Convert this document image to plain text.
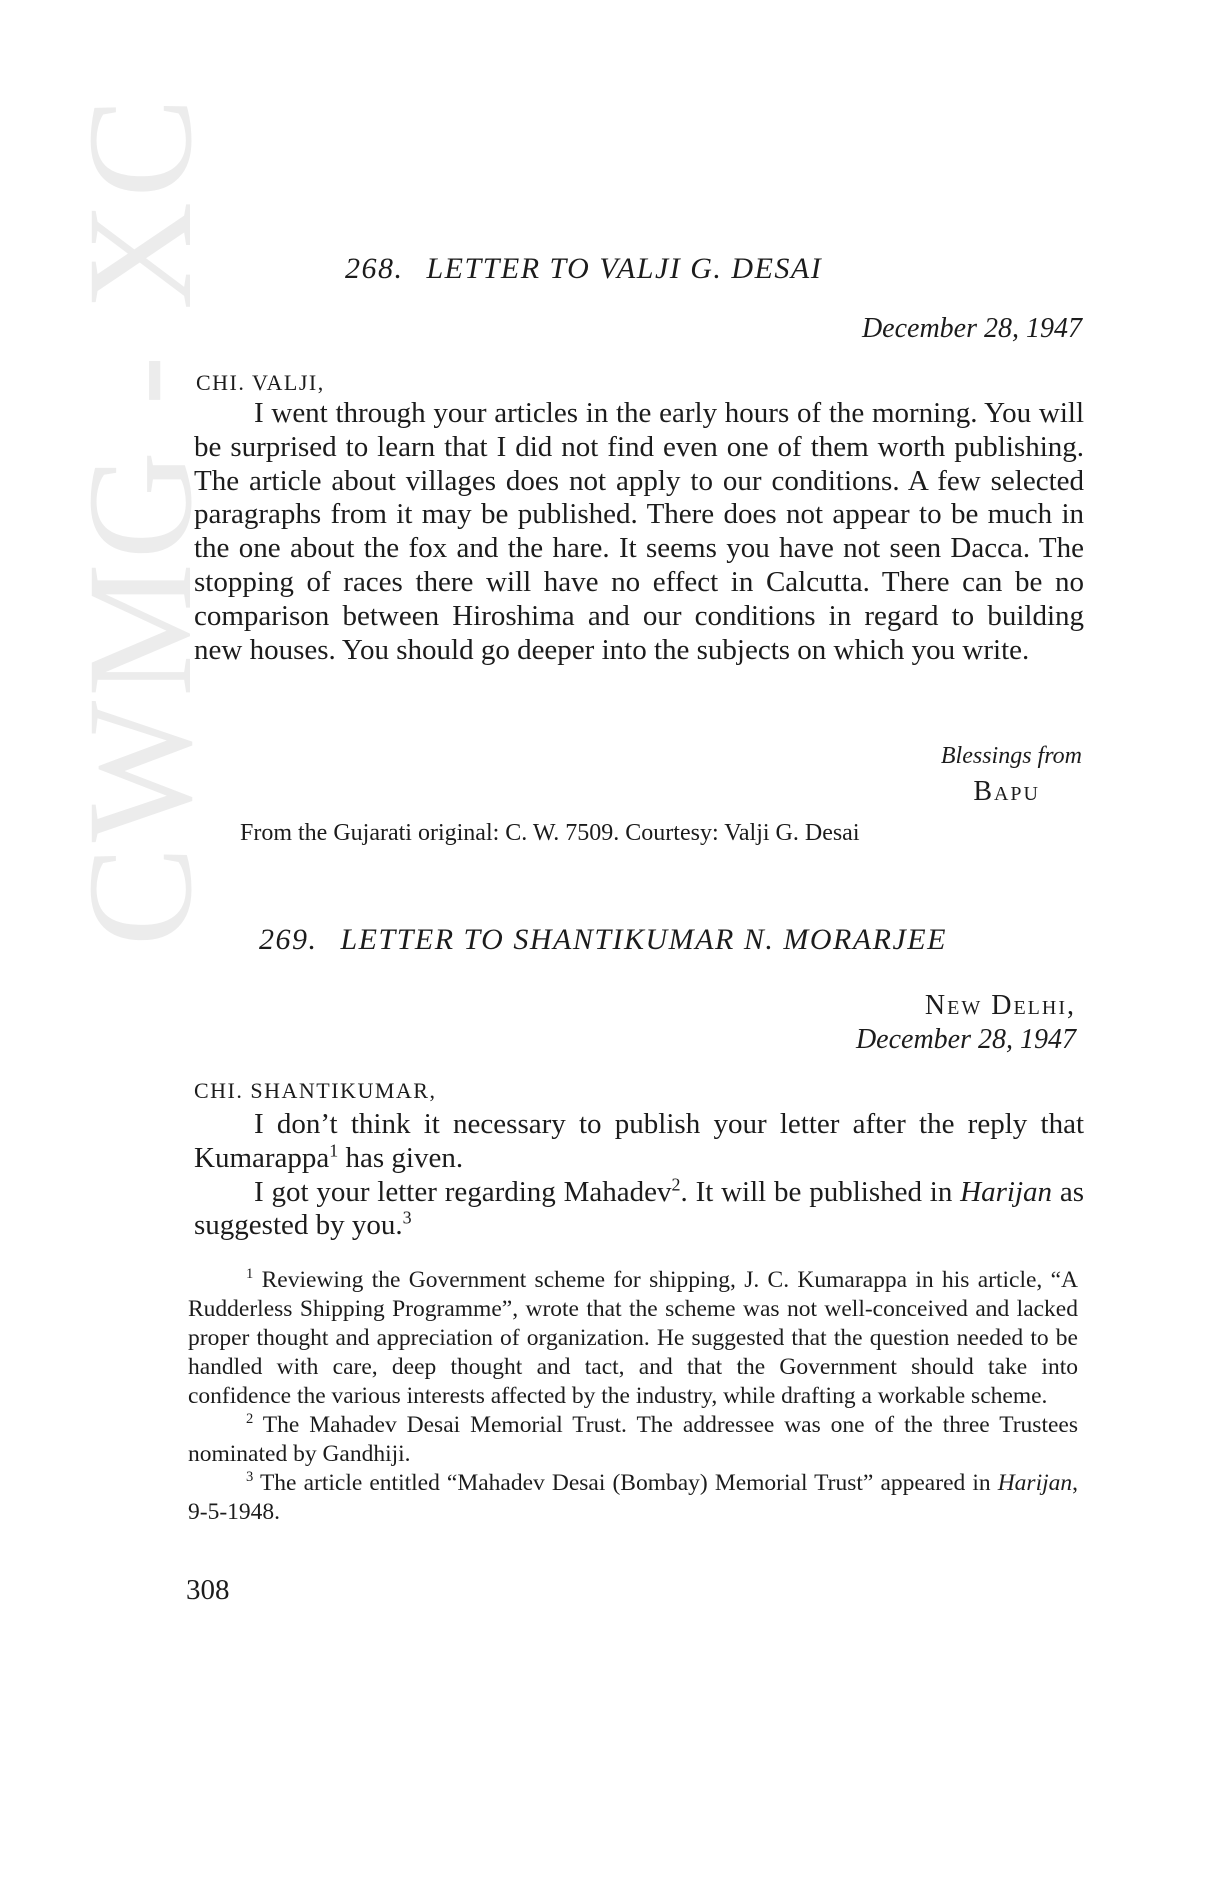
CWMG - XC	268. LETTER TO VALJI G. DESAI
December 28, 1947
CHI. VALJI,

I went through your articles in the early hours of the morning. You will be surprised to learn that I did not find even one of them worth publishing. The article about villages does not apply to our conditions. A few selected paragraphs from it may be published. There does not appear to be much in the one about the fox and the hare. It seems you have not seen Dacca. The stopping of races there will have no effect in Calcutta. There can be no comparison between Hiroshima and our conditions in regard to building new houses. You should go deeper into the subjects on which you write.

Blessings from
Bapu
From the Gujarati original: C. W. 7509. Courtesy: Valji G. Desai
269. LETTER TO SHANTIKUMAR N. MORARJEE
New Delhi,
December 28, 1947
CHI. SHANTIKUMAR,

I don’t think it necessary to publish your letter after the reply that Kumarappa$^1$ has given.

I got your letter regarding Mahadev$^2$. It will be published in Harijan as suggested by you.$^3$

$^1$ Reviewing the Government scheme for shipping, J. C. Kumarappa in his article, “A Rudderless Shipping Programme”, wrote that the scheme was not well-conceived and lacked proper thought and appreciation of organization. He suggested that the question needed to be handled with care, deep thought and tact, and that the Government should take into confidence the various interests affected by the industry, while drafting a workable scheme.

$^2$ The Mahadev Desai Memorial Trust. The addressee was one of the three Trustees nominated by Gandhiji.

$^3$ The article entitled “Mahadev Desai (Bombay) Memorial Trust” appeared in Harijan, 9-5-1948.

308
